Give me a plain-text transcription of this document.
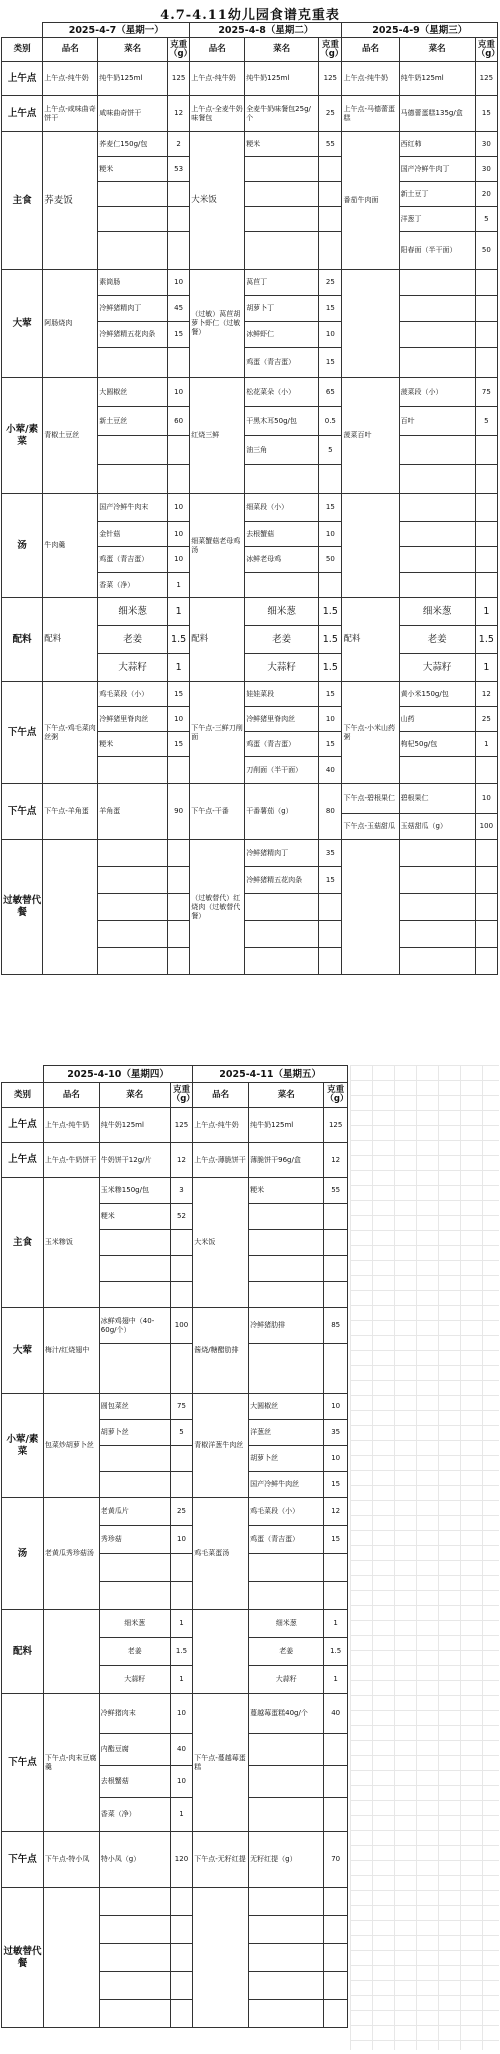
4.7-4.11幼儿园食谱克重表
	2025-4-7（星期一）			2025-4-8（星期二）			2025-4-9（星期三）		
类别	品名	菜名	克重（g）	品名	菜名	克重（g）	品名	菜名	克重（g）
上午点	上午点-纯牛奶	纯牛奶125ml	125	上午点-纯牛奶	纯牛奶125ml	125	上午点-纯牛奶	纯牛奶125ml	125
上午点	上午点-咸味曲奇饼干	咸味曲奇饼干	12	上午点-全麦牛奶味餐包	全麦牛奶味餐包25g/个	25	上午点-马德蕾蛋糕	马德蕾蛋糕135g/盒	15
主食	荞麦饭	荞麦仁150g/包	2	大米饭	粳米	55	番茄牛肉面	西红柿	30
		粳米	53					国产冷鲜牛肉丁	30
								新土豆丁	20
								洋葱丁	5
								阳春面（半干面）	50
大荤	阿肠烧肉	素筒肠	10	（过敏）莴苣胡萝卜虾仁（过敏餐）	莴苣丁	25			
		冷鲜猪精肉丁	45		胡萝卜丁	15			
		冷鲜猪精五花肉条	15		冰鲜虾仁	10			
					鸡蛋（青吉蛋）	15			
小荤/素菜	青椒土豆丝	大圆椒丝	10	红烧三鲜	松花菜朵（小）	65	菠菜百叶	菠菜段（小）	75
		新土豆丝	60		干黑木耳50g/包	0.5		百叶	5
					油三角	5			

汤	牛肉羹	国产冷鲜牛肉末	10	细菜蟹菇老母鸡汤	细菜段（小）	15			
		金针菇	10		去根蟹菇	10			
		鸡蛋（青吉蛋）	10		冰鲜老母鸡	50			
		香菜（净）	1						
配料	配料	细米葱	1	配料	细米葱	1.5	配料	细米葱	1
		老姜	1.5		老姜	1.5		老姜	1.5
		大蒜籽	1		大蒜籽	1.5		大蒜籽	1
下午点	下午点-鸡毛菜肉丝粥	鸡毛菜段（小）	15	下午点-三鲜刀削面	娃娃菜段	15	下午点-小米山药粥	黄小米150g/包	12
		冷鲜猪里脊肉丝	10		冷鲜猪里脊肉丝	10		山药	25
		粳米	15		鸡蛋（青吉蛋）	15		枸杞50g/包	1
					刀削面（半干面）	40			
下午点	下午点-羊角蛋	羊角蛋	90	下午点-干番	干番薯茄（g）	80	下午点-碧根果仁	碧根果仁	10
							下午点-玉菇甜瓜	玉菇甜瓜（g）	100
过敏替代餐				（过敏替代）红烧肉（过敏替代餐）	冷鲜猪精肉丁	35			
					冷鲜猪精五花肉条	15			

	2025-4-10（星期四）			2025-4-11（星期五）		
类别	品名	菜名	克重（g）	品名	菜名	克重（g）
上午点	上午点-纯牛奶	纯牛奶125ml	125	上午点-纯牛奶	纯牛奶125ml	125
上午点	上午点-牛奶饼干	牛奶饼干12g/片	12	上午点-薄脆饼干	薄脆饼干96g/盒	12
主食	玉米糁饭	玉米糁150g/包	3	大米饭	粳米	55
		粳米	52			

大荤	梅汁/红烧翅中	冰鲜鸡翅中（40-60g/个）	100	酱烧/糖醋肋排	冷鲜猪肋排	85

小荤/素菜	包菜炒胡萝卜丝	圆包菜丝	75	青椒洋葱牛肉丝	大圆椒丝	10
		胡萝卜丝	5		洋葱丝	35
					胡萝卜丝	10
					国产冷鲜牛肉丝	15
汤	老黄瓜秀珍菇汤	老黄瓜片	25	鸡毛菜蛋汤	鸡毛菜段（小）	12
		秀珍菇	10		鸡蛋（青吉蛋）	15

配料		细米葱	1		细米葱	1
		老姜	1.5		老姜	1.5
		大蒜籽	1		大蒜籽	1
下午点	下午点-肉末豆腐羹	冷鲜猪肉末	10	下午点-蔓越莓蛋糕	蔓越莓蛋糕40g/个	40
		内酯豆腐	40			
		去根蟹菇	10			
		香菜（净）	1			
下午点	下午点-特小凤	特小凤（g）	120	下午点-无籽红提	无籽红提（g）	70

过敏替代餐						
